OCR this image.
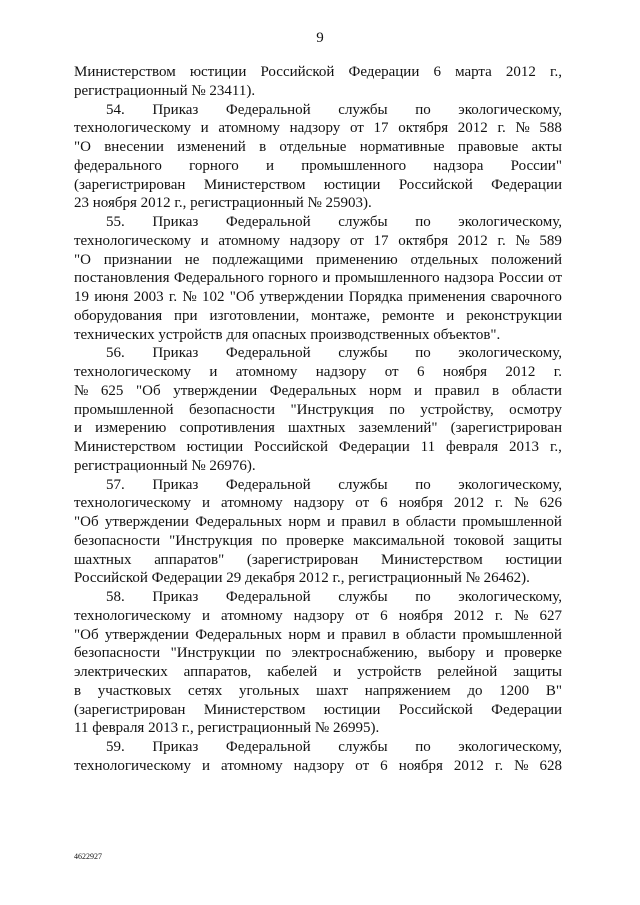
9
Министерством юстиции Российской Федерации 6 марта 2012 г.,
регистрационный № 23411).
54. Приказ Федеральной службы по экологическому,
технологическому и атомному надзору от 17 октября 2012 г. № 588
"О внесении изменений в отдельные нормативные правовые акты
федерального горного и промышленного надзора России"
(зарегистрирован Министерством юстиции Российской Федерации
23 ноября 2012 г., регистрационный № 25903).
55. Приказ Федеральной службы по экологическому,
технологическому и атомному надзору от 17 октября 2012 г. № 589
"О признании не подлежащими применению отдельных положений
постановления Федерального горного и промышленного надзора России от
19 июня 2003 г. № 102 "Об утверждении Порядка применения сварочного
оборудования при изготовлении, монтаже, ремонте и реконструкции
технических устройств для опасных производственных объектов".
56. Приказ Федеральной службы по экологическому,
технологическому и атомному надзору от 6 ноября 2012 г.
№ 625 "Об утверждении Федеральных норм и правил в области
промышленной безопасности "Инструкция по устройству, осмотру
и измерению сопротивления шахтных заземлений" (зарегистрирован
Министерством юстиции Российской Федерации 11 февраля 2013 г.,
регистрационный № 26976).
57. Приказ Федеральной службы по экологическому,
технологическому и атомному надзору от 6 ноября 2012 г. № 626
"Об утверждении Федеральных норм и правил в области промышленной
безопасности "Инструкция по проверке максимальной токовой защиты
шахтных аппаратов" (зарегистрирован Министерством юстиции
Российской Федерации 29 декабря 2012 г., регистрационный № 26462).
58. Приказ Федеральной службы по экологическому,
технологическому и атомному надзору от 6 ноября 2012 г. № 627
"Об утверждении Федеральных норм и правил в области промышленной
безопасности "Инструкции по электроснабжению, выбору и проверке
электрических аппаратов, кабелей и устройств релейной защиты
в участковых сетях угольных шахт напряжением до 1200 В"
(зарегистрирован Министерством юстиции Российской Федерации
11 февраля 2013 г., регистрационный № 26995).
59. Приказ Федеральной службы по экологическому,
технологическому и атомному надзору от 6 ноября 2012 г. № 628
4622927
